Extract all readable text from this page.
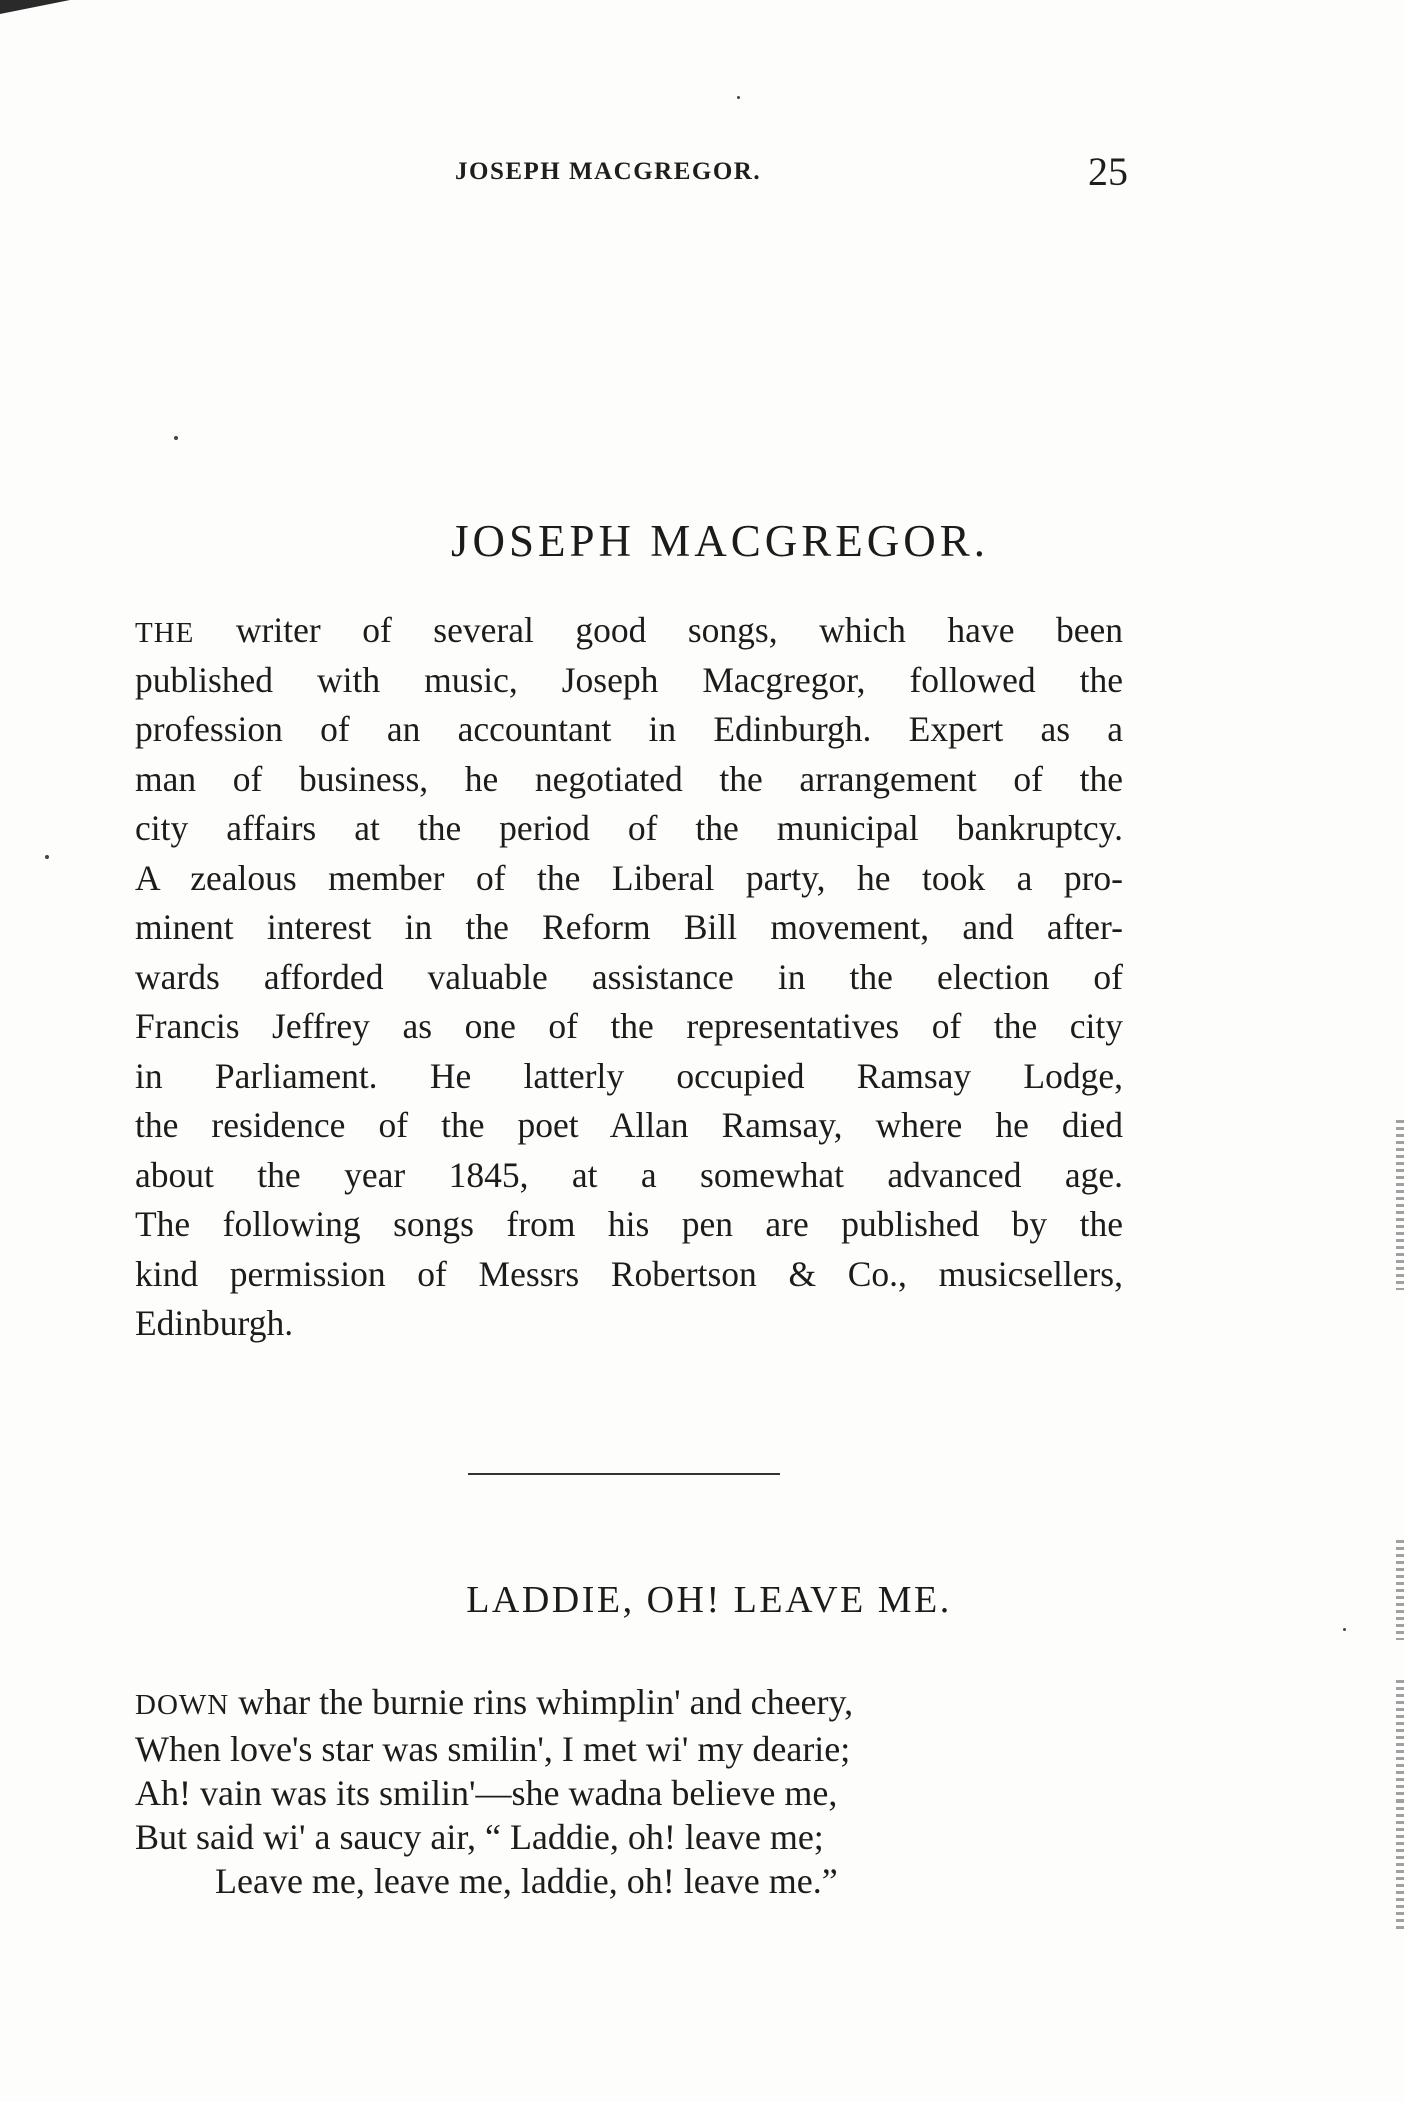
JOSEPH MACGREGOR.	25
JOSEPH MACGREGOR.
THE writer of several good songs, which have been
published with music, Joseph Macgregor, followed the
profession of an accountant in Edinburgh. Expert as a
man of business, he negotiated the arrangement of the
city affairs at the period of the municipal bankruptcy.
A zealous member of the Liberal party, he took a pro-
minent interest in the Reform Bill movement, and after-
wards afforded valuable assistance in the election of
Francis Jeffrey as one of the representatives of the city
in Parliament. He latterly occupied Ramsay Lodge,
the residence of the poet Allan Ramsay, where he died
about the year 1845, at a somewhat advanced age.
The following songs from his pen are published by the
kind permission of Messrs Robertson & Co., musicsellers,
Edinburgh.
LADDIE, OH! LEAVE ME.
DOWN whar the burnie rins whimplin' and cheery,
When love's star was smilin', I met wi' my dearie;
Ah! vain was its smilin'—she wadna believe me,
But said wi' a saucy air, “ Laddie, oh! leave me;
Leave me, leave me, laddie, oh! leave me.”
